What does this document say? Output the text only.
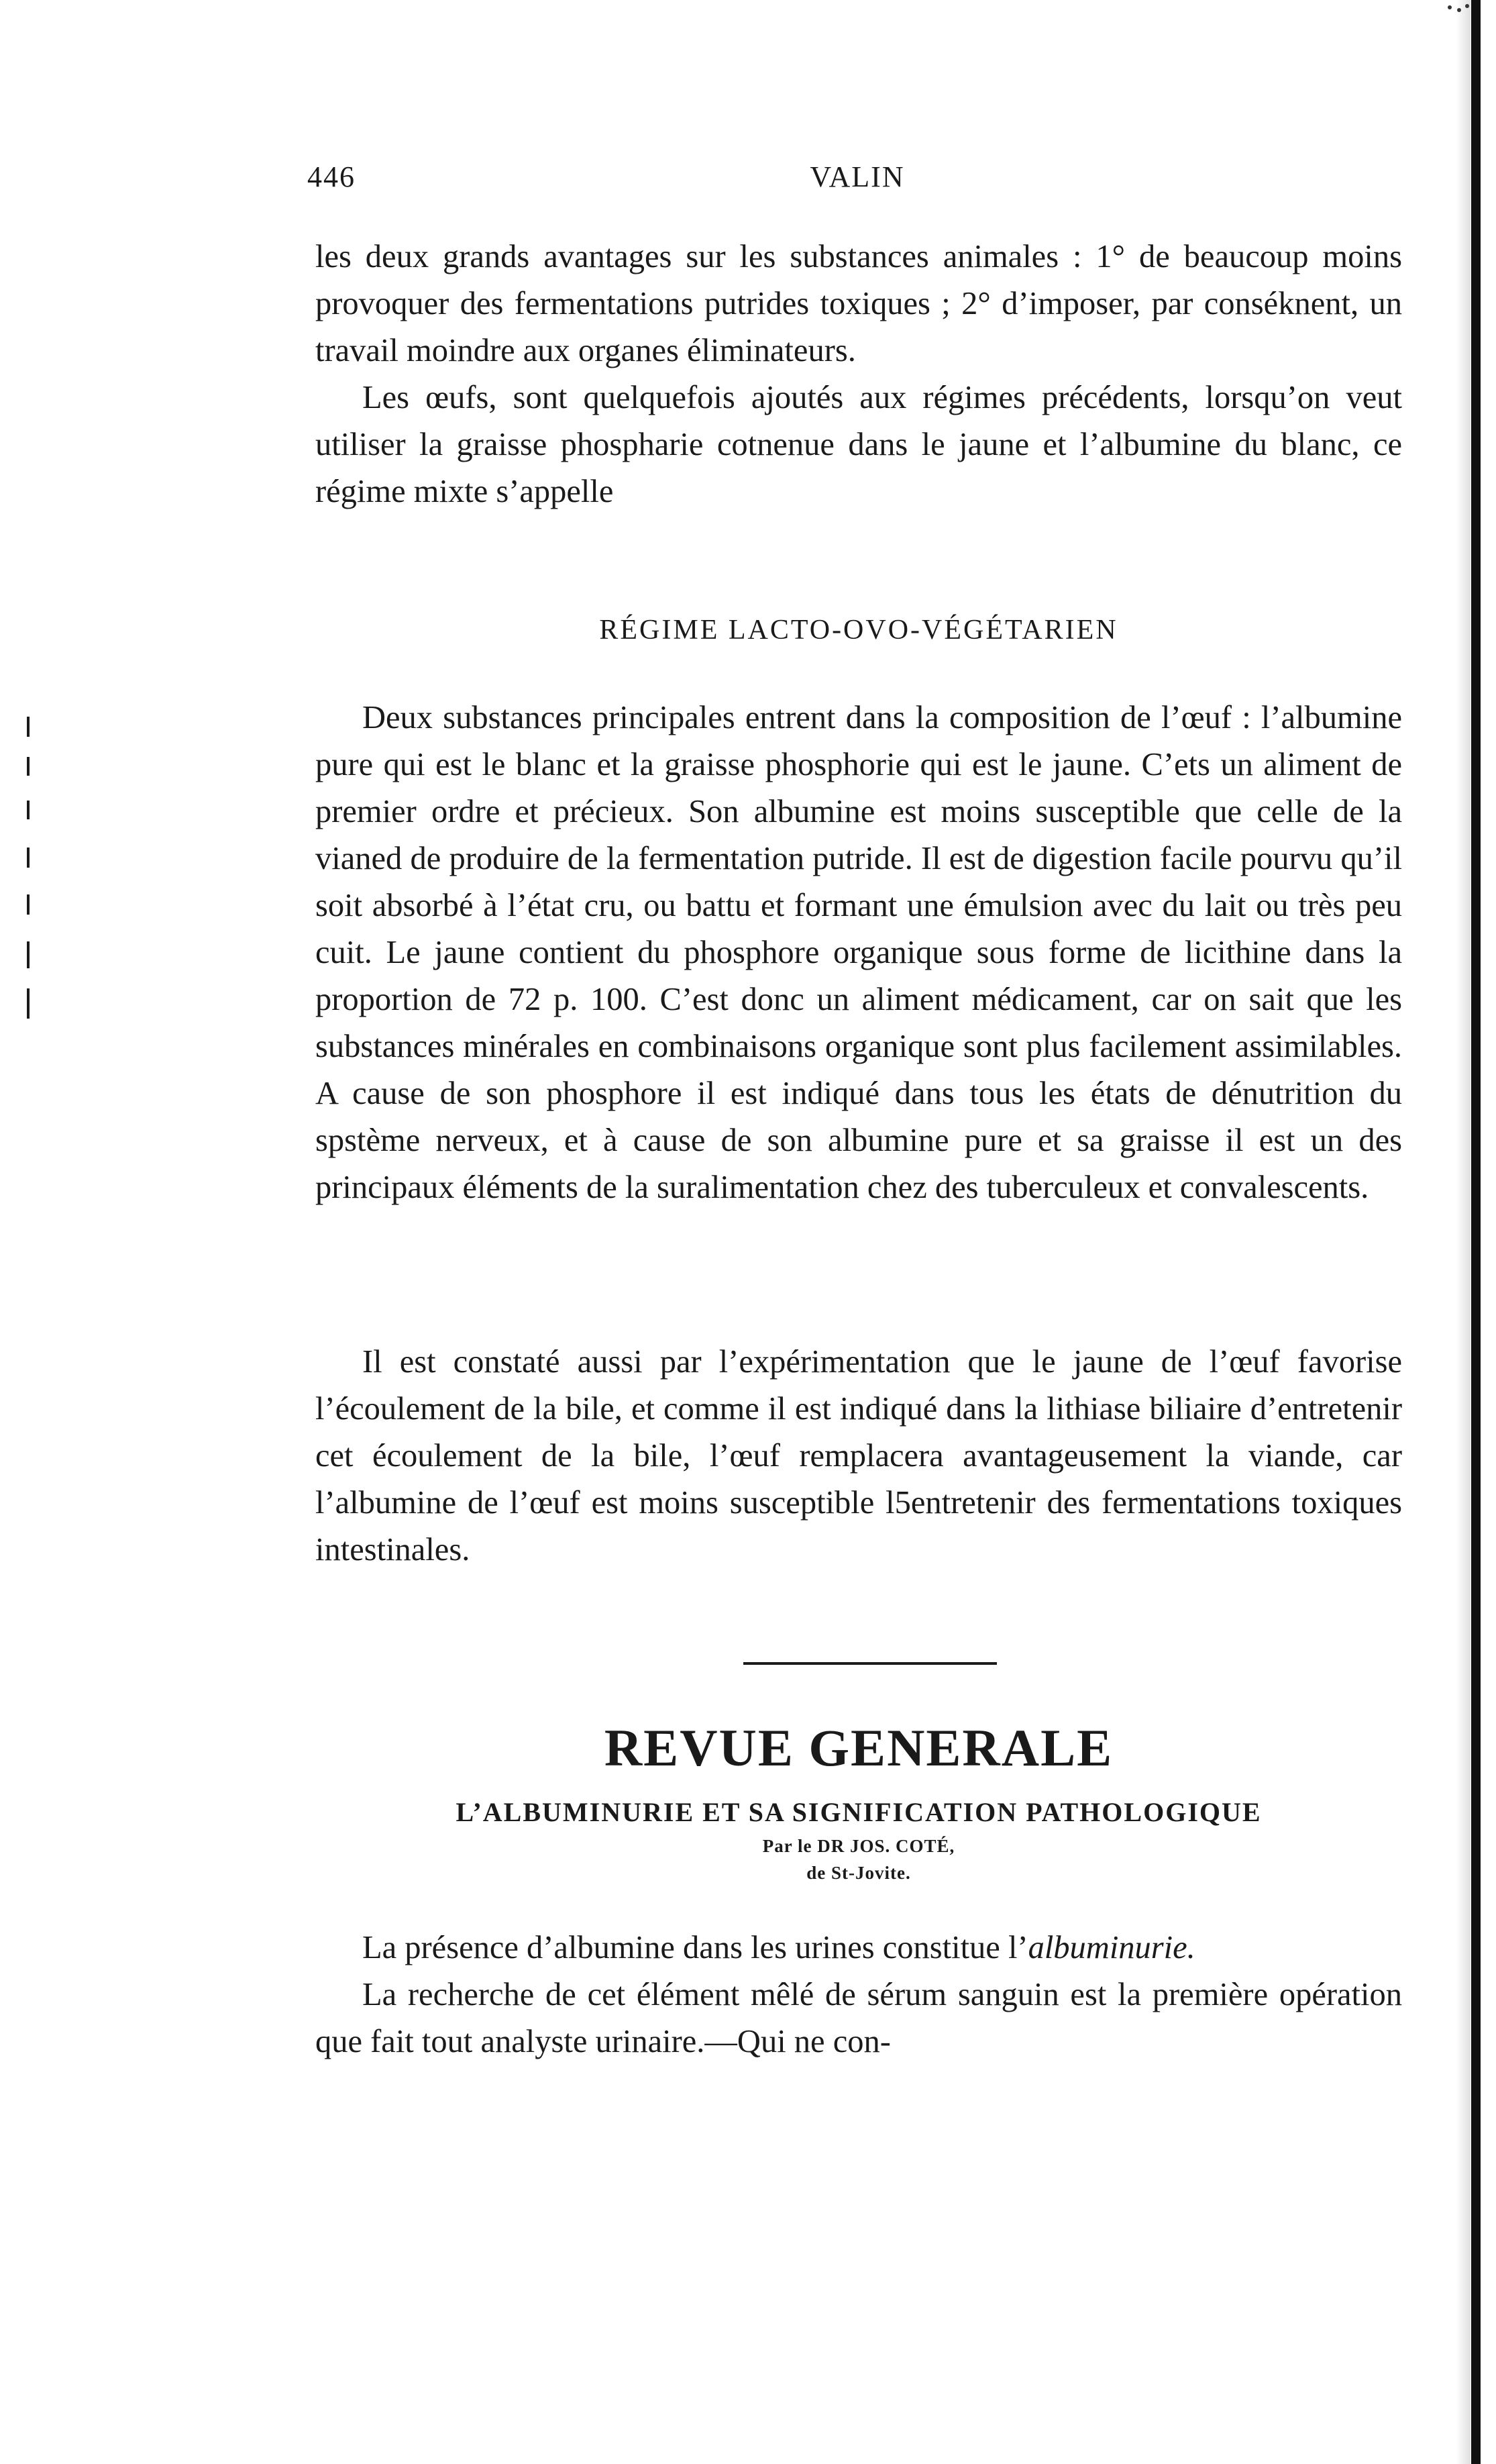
446	VALIN

les deux grands avantages sur les substances animales : 1° de beaucoup moins provoquer des fermentations putrides toxiques ; 2° d’imposer, par conséknent, un travail moindre aux organes éliminateurs.

Les œufs, sont quelquefois ajoutés aux régimes précédents, lorsqu’on veut utiliser la graisse phospharie cotnenue dans le jaune et l’albumine du blanc, ce régime mixte s’appelle

RÉGIME LACTO-OVO-VÉGÉTARIEN

Deux substances principales entrent dans la composition de l’œuf : l’albumine pure qui est le blanc et la graisse phosphorie qui est le jaune. C’ets un aliment de premier ordre et précieux. Son albumine est moins susceptible que celle de la vianed de produire de la fermentation putride. Il est de digestion facile pourvu qu’il soit absorbé à l’état cru, ou battu et formant une émulsion avec du lait ou très peu cuit. Le jaune contient du phosphore organique sous forme de licithine dans la proportion de 72 p. 100. C’est donc un aliment médicament, car on sait que les substances minérales en combinaisons organique sont plus facilement assimilables. A cause de son phosphore il est indiqué dans tous les états de dénutrition du spstème nerveux, et à cause de son albumine pure et sa graisse il est un des principaux éléments de la suralimentation chez des tuberculeux et convalescents.

Il est constaté aussi par l’expérimentation que le jaune de l’œuf favorise l’écoulement de la bile, et comme il est indiqué dans la lithiase biliaire d’entretenir cet écoulement de la bile, l’œuf remplacera avantageusement la viande, car l’albumine de l’œuf est moins susceptible l5entretenir des fermentations toxiques intestinales.

REVUE GENERALE
L’ALBUMINURIE ET SA SIGNIFICATION PATHOLOGIQUE
Par le DR JOS. COTÉ,
de St-Jovite.

La présence d’albumine dans les urines constitue l’albuminurie.

La recherche de cet élément mêlé de sérum sanguin est la première opération que fait tout analyste urinaire.—Qui ne con-
